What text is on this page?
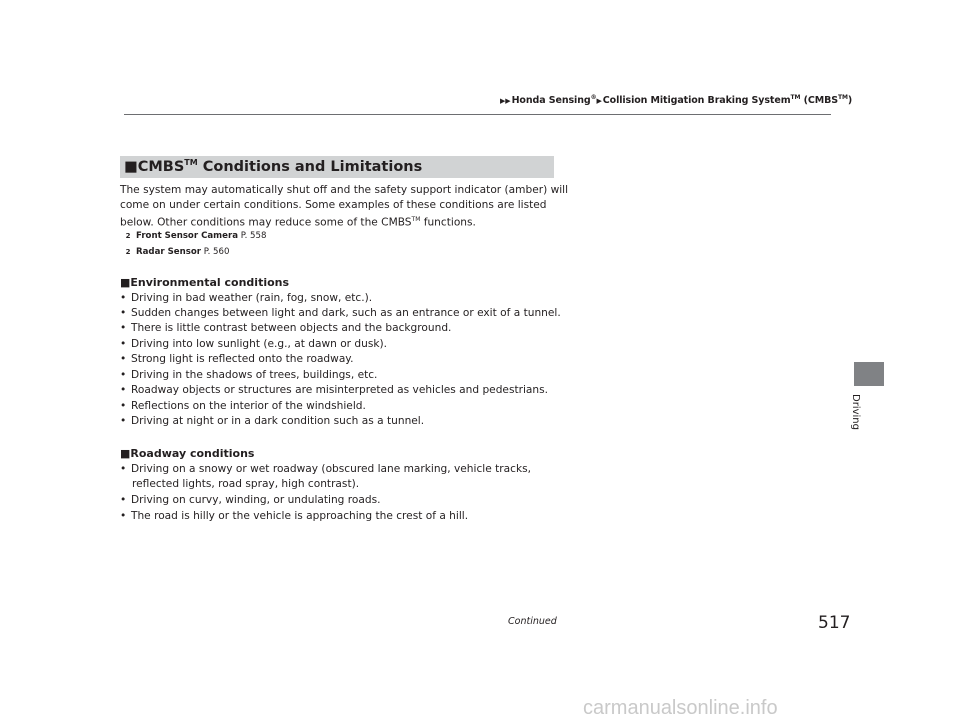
▶▶Honda Sensing®▶Collision Mitigation Braking System™ (CMBS™)
Driving
■CMBS™ Conditions and Limitations
The system may automatically shut off and the safety support indicator (amber) will
come on under certain conditions. Some examples of these conditions are listed
below. Other conditions may reduce some of the CMBS™ functions.
2 Front Sensor Camera P. 558
2 Radar Sensor P. 560
■Environmental conditions
• Driving in bad weather (rain, fog, snow, etc.).
• Sudden changes between light and dark, such as an entrance or exit of a tunnel.
• There is little contrast between objects and the background.
• Driving into low sunlight (e.g., at dawn or dusk).
• Strong light is reflected onto the roadway.
• Driving in the shadows of trees, buildings, etc.
• Roadway objects or structures are misinterpreted as vehicles and pedestrians.
• Reflections on the interior of the windshield.
• Driving at night or in a dark condition such as a tunnel.
■Roadway conditions
• Driving on a snowy or wet roadway (obscured lane marking, vehicle tracks,
reflected lights, road spray, high contrast).
• Driving on curvy, winding, or undulating roads.
• The road is hilly or the vehicle is approaching the crest of a hill.
Continued	517
carmanualsonline.info
